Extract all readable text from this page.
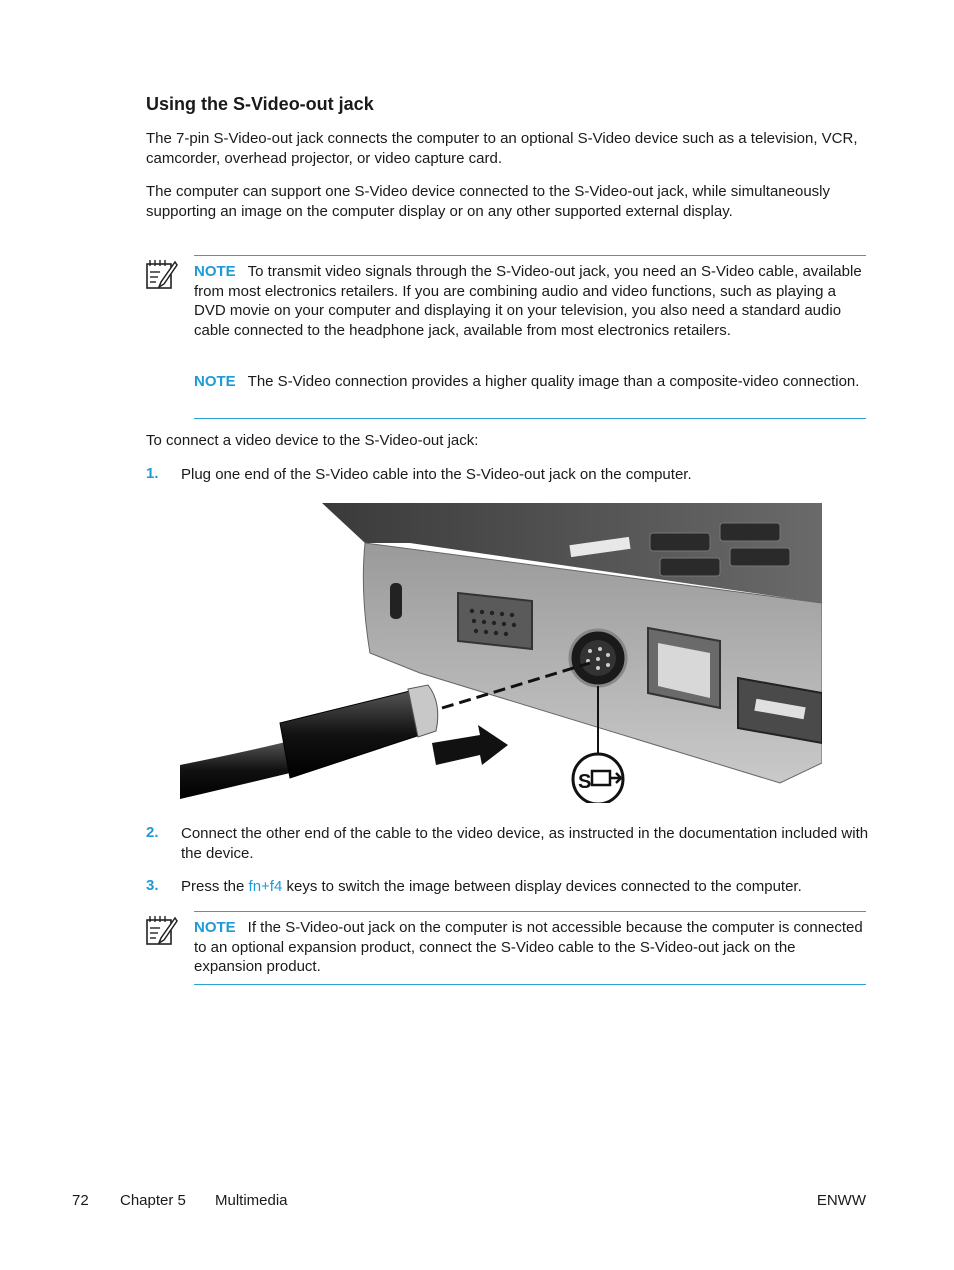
Using the S-Video-out jack

The 7-pin S-Video-out jack connects the computer to an optional S-Video device such as a television, VCR, camcorder, overhead projector, or video capture card.

The computer can support one S-Video device connected to the S-Video-out jack, while simultaneously supporting an image on the computer display or on any other supported external display.

NOTE To transmit video signals through the S-Video-out jack, you need an S-Video cable, available from most electronics retailers. If you are combining audio and video functions, such as playing a DVD movie on your computer and displaying it on your television, you also need a standard audio cable connected to the headphone jack, available from most electronics retailers.

NOTE The S-Video connection provides a higher quality image than a composite-video connection.

To connect a video device to the S-Video-out jack:

1. Plug one end of the S-Video cable into the S-Video-out jack on the computer.

S
2. Connect the other end of the cable to the video device, as instructed in the documentation included with the device.

3. Press the fn+f4 keys to switch the image between display devices connected to the computer.

NOTE If the S-Video-out jack on the computer is not accessible because the computer is connected to an optional expansion product, connect the S-Video cable to the S-Video-out jack on the expansion product.

72 Chapter 5 Multimedia	ENWW
